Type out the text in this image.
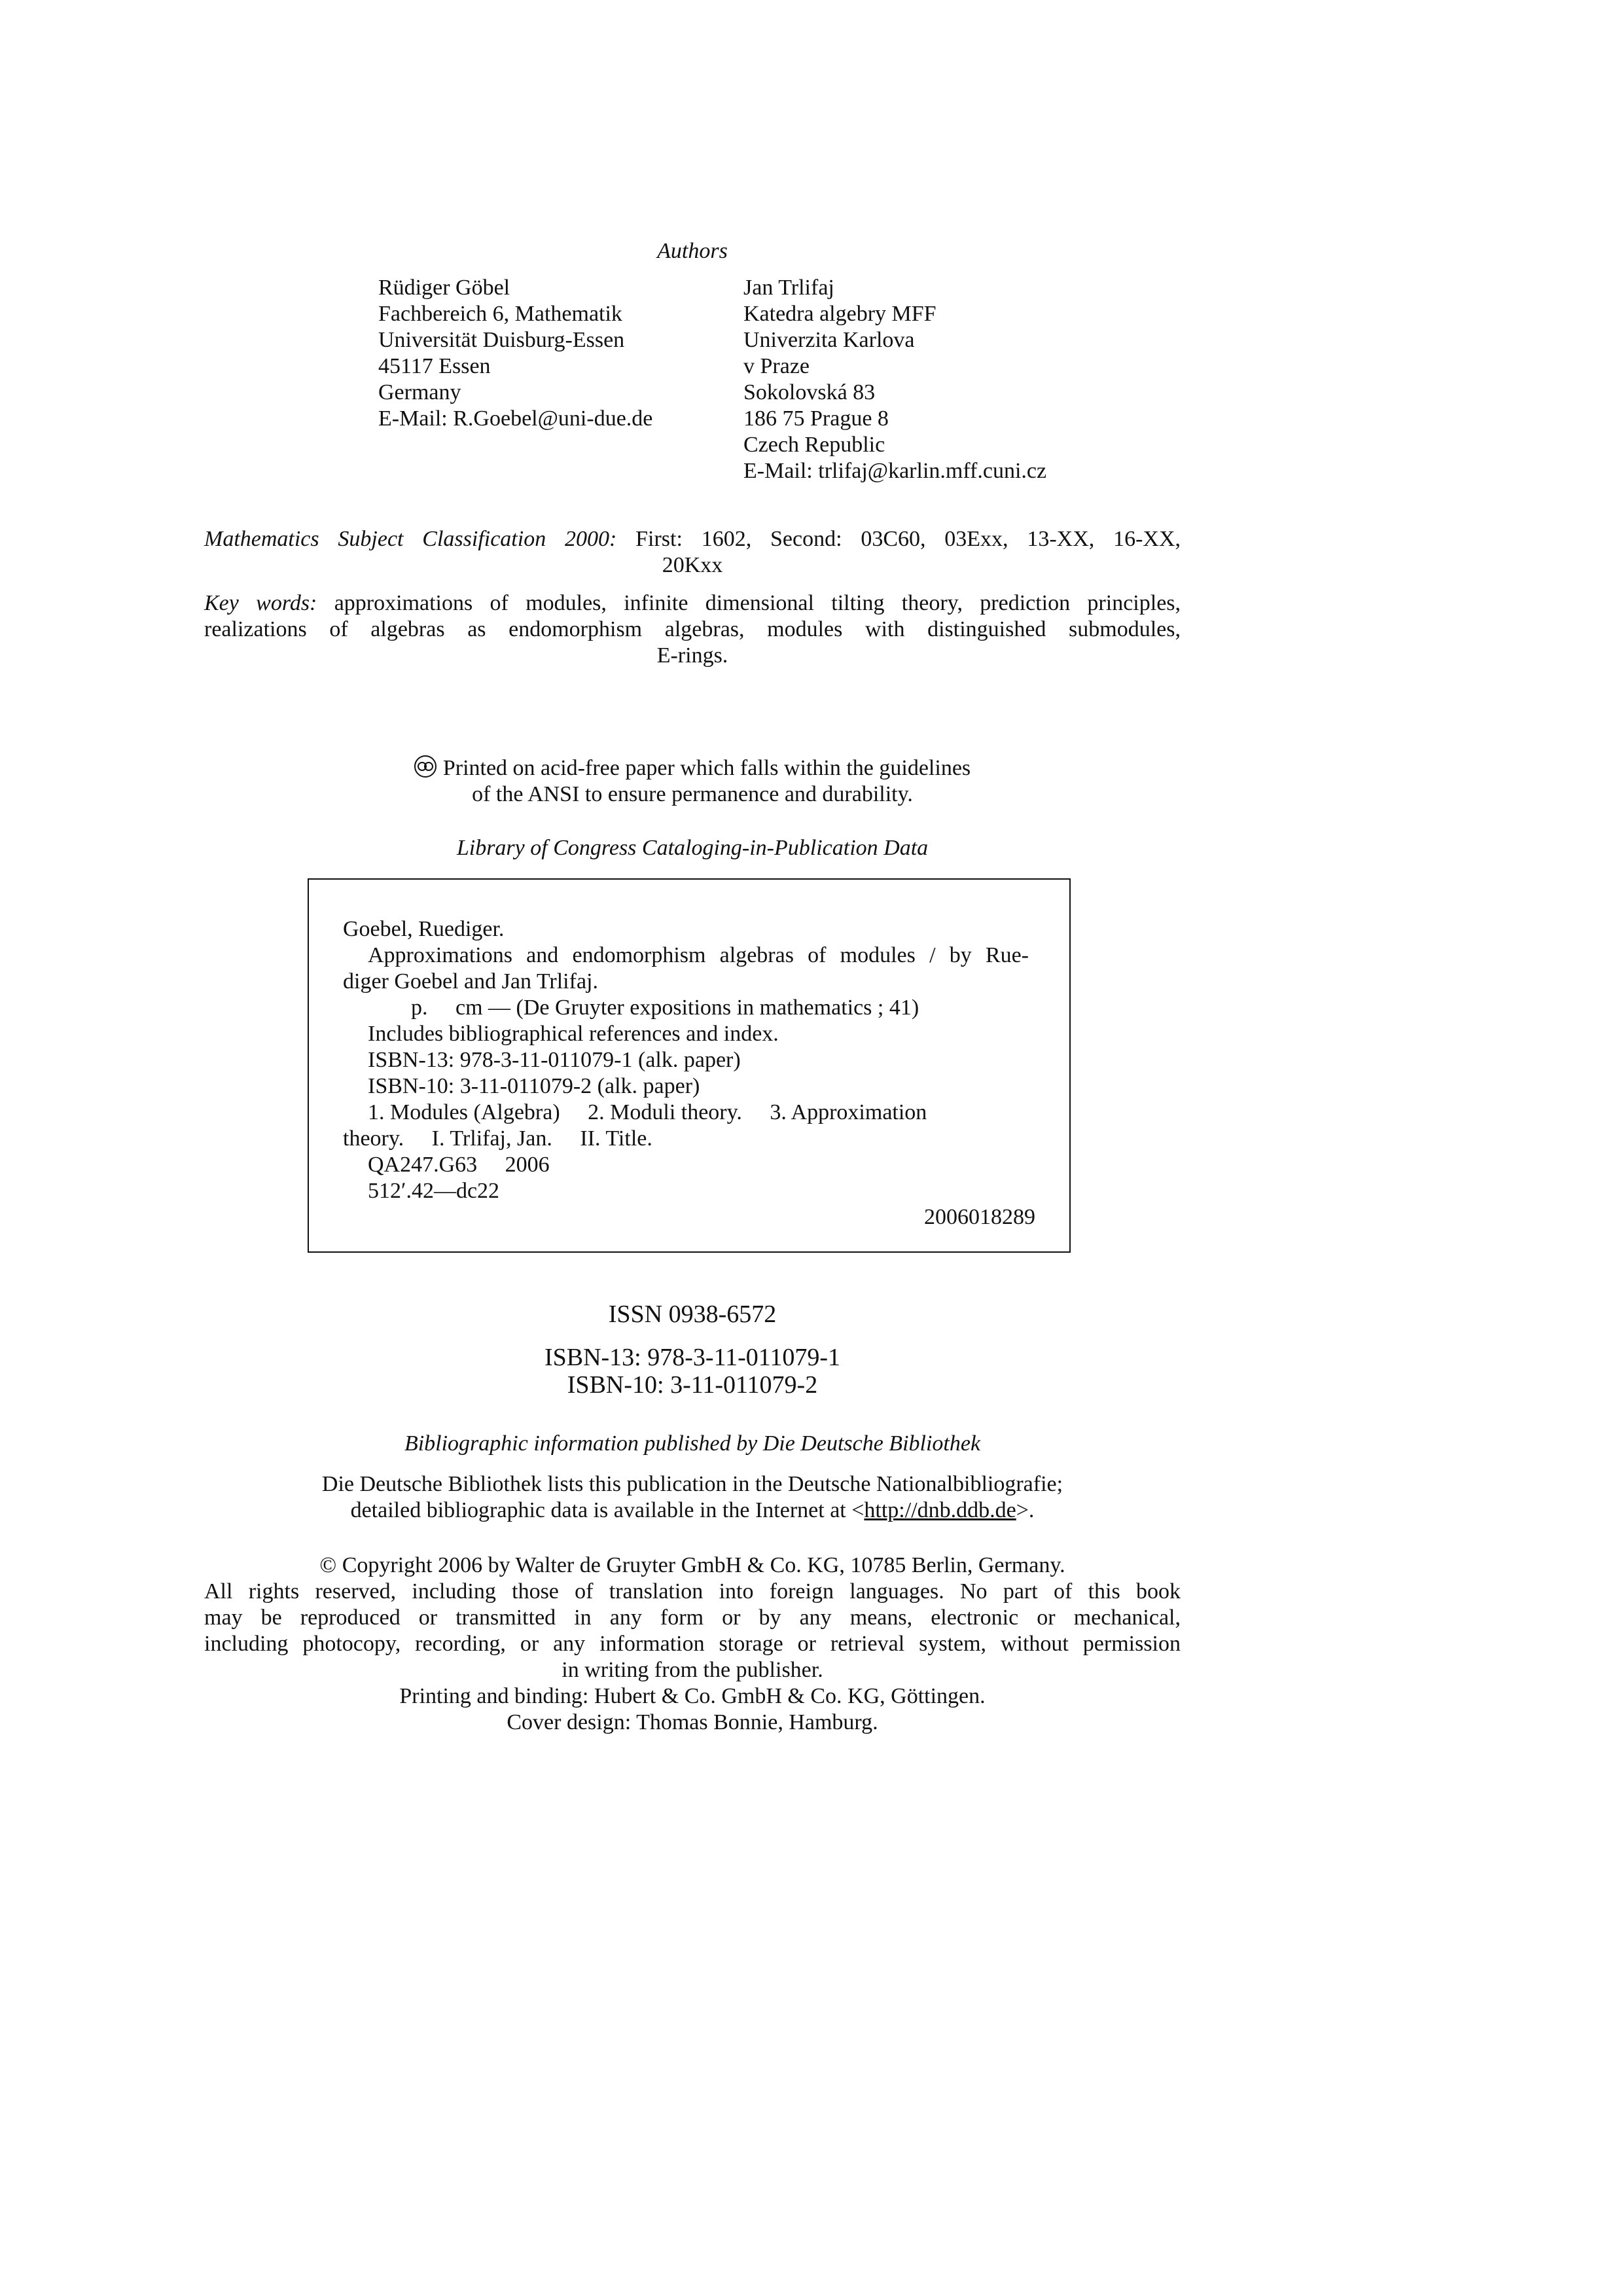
Authors
Rüdiger Göbel
Fachbereich 6, Mathematik
Universität Duisburg-Essen
45117 Essen
Germany
E-Mail: R.Goebel@uni-due.de
Jan Trlifaj
Katedra algebry MFF
Univerzita Karlova
v Praze
Sokolovská 83
186 75 Prague 8
Czech Republic
E-Mail: trlifaj@karlin.mff.cuni.cz
Mathematics Subject Classification 2000: First: 1602, Second: 03C60, 03Exx, 13-XX, 16-XX,
20Kxx
Key words: approximations of modules, infinite dimensional tilting theory, prediction principles,
realizations of algebras as endomorphism algebras, modules with distinguished submodules,
E-rings.
Printed on acid-free paper which falls within the guidelines
of the ANSI to ensure permanence and durability.
Library of Congress Cataloging-in-Publication Data
Goebel, Ruediger.
Approximations and endomorphism algebras of modules / by Rue-
diger Goebel and Jan Trlifaj.
p.     cm — (De Gruyter expositions in mathematics ; 41)
Includes bibliographical references and index.
ISBN-13: 978-3-11-011079-1 (alk. paper)
ISBN-10: 3-11-011079-2 (alk. paper)
1. Modules (Algebra)     2. Moduli theory.     3. Approximation
theory.     I. Trlifaj, Jan.     II. Title.
QA247.G63     2006
512ʹ.42—dc22
2006018289
ISSN 0938-6572
ISBN-13: 978-3-11-011079-1
ISBN-10: 3-11-011079-2
Bibliographic information published by Die Deutsche Bibliothek
Die Deutsche Bibliothek lists this publication in the Deutsche Nationalbibliografie;
detailed bibliographic data is available in the Internet at <http://dnb.ddb.de>.
© Copyright 2006 by Walter de Gruyter GmbH & Co. KG, 10785 Berlin, Germany.
All rights reserved, including those of translation into foreign languages. No part of this book
may be reproduced or transmitted in any form or by any means, electronic or mechanical,
including photocopy, recording, or any information storage or retrieval system, without permission
in writing from the publisher.
Printing and binding: Hubert & Co. GmbH & Co. KG, Göttingen.
Cover design: Thomas Bonnie, Hamburg.
